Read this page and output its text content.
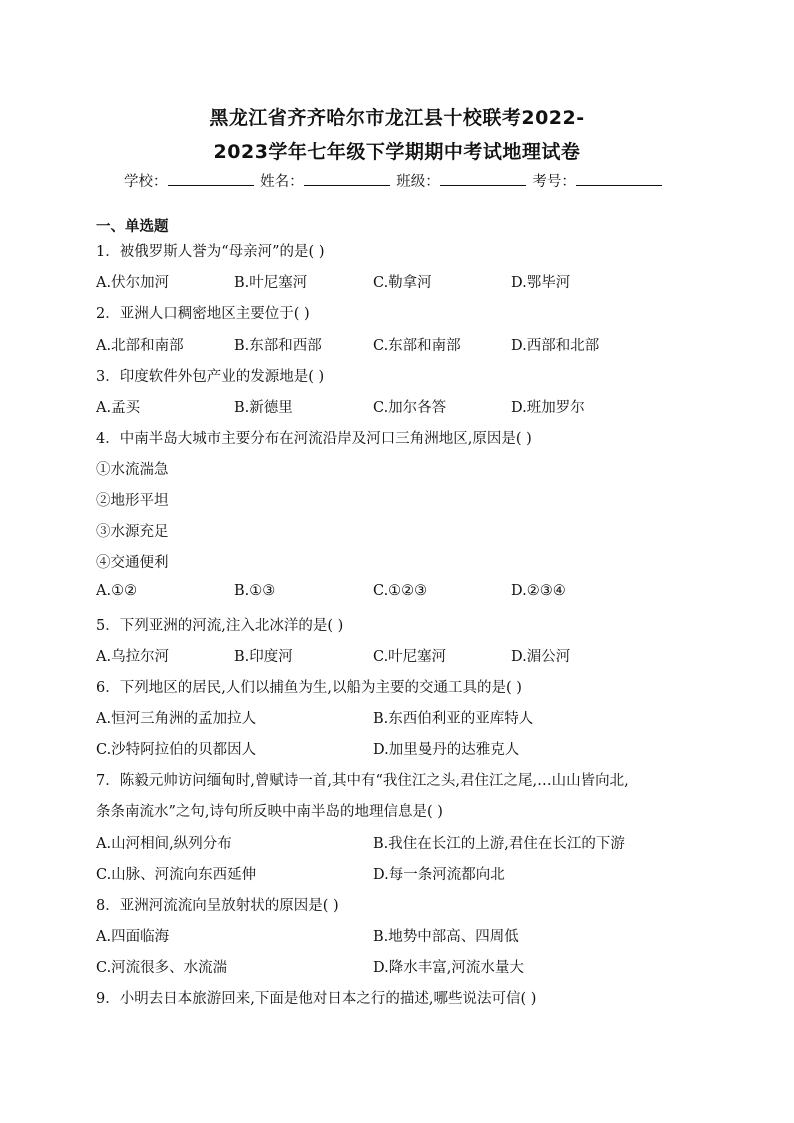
黑龙江省齐齐哈尔市龙江县十校联考2022-
2023学年七年级下学期期中考试地理试卷
学校：	姓名：	班级：	考号：
一、单选题
1．被俄罗斯人誉为“母亲河”的是( )
A.伏尔加河	B.叶尼塞河	C.勒拿河	D.鄂毕河
2．亚洲人口稠密地区主要位于( )
A.北部和南部	B.东部和西部	C.东部和南部	D.西部和北部
3．印度软件外包产业的发源地是( )
A.孟买	B.新德里	C.加尔各答	D.班加罗尔
4．中南半岛大城市主要分布在河流沿岸及河口三角洲地区,原因是( )
①水流湍急
②地形平坦
③水源充足
④交通便利
A.①②	B.①③	C.①②③	D.②③④
5．下列亚洲的河流,注入北冰洋的是( )
A.乌拉尔河	B.印度河	C.叶尼塞河	D.湄公河
6．下列地区的居民,人们以捕鱼为生,以船为主要的交通工具的是( )
A.恒河三角洲的孟加拉人	B.东西伯利亚的亚库特人
C.沙特阿拉伯的贝都因人	D.加里曼丹的达雅克人
7．陈毅元帅访问缅甸时,曾赋诗一首,其中有“我住江之头,君住江之尾,…山山皆向北,
条条南流水”之句,诗句所反映中南半岛的地理信息是( )
A.山河相间,纵列分布	B.我住在长江的上游,君住在长江的下游
C.山脉、河流向东西延伸	D.每一条河流都向北
8．亚洲河流流向呈放射状的原因是( )
A.四面临海	B.地势中部高、四周低
C.河流很多、水流湍	D.降水丰富,河流水量大
9．小明去日本旅游回来,下面是他对日本之行的描述,哪些说法可信( )
